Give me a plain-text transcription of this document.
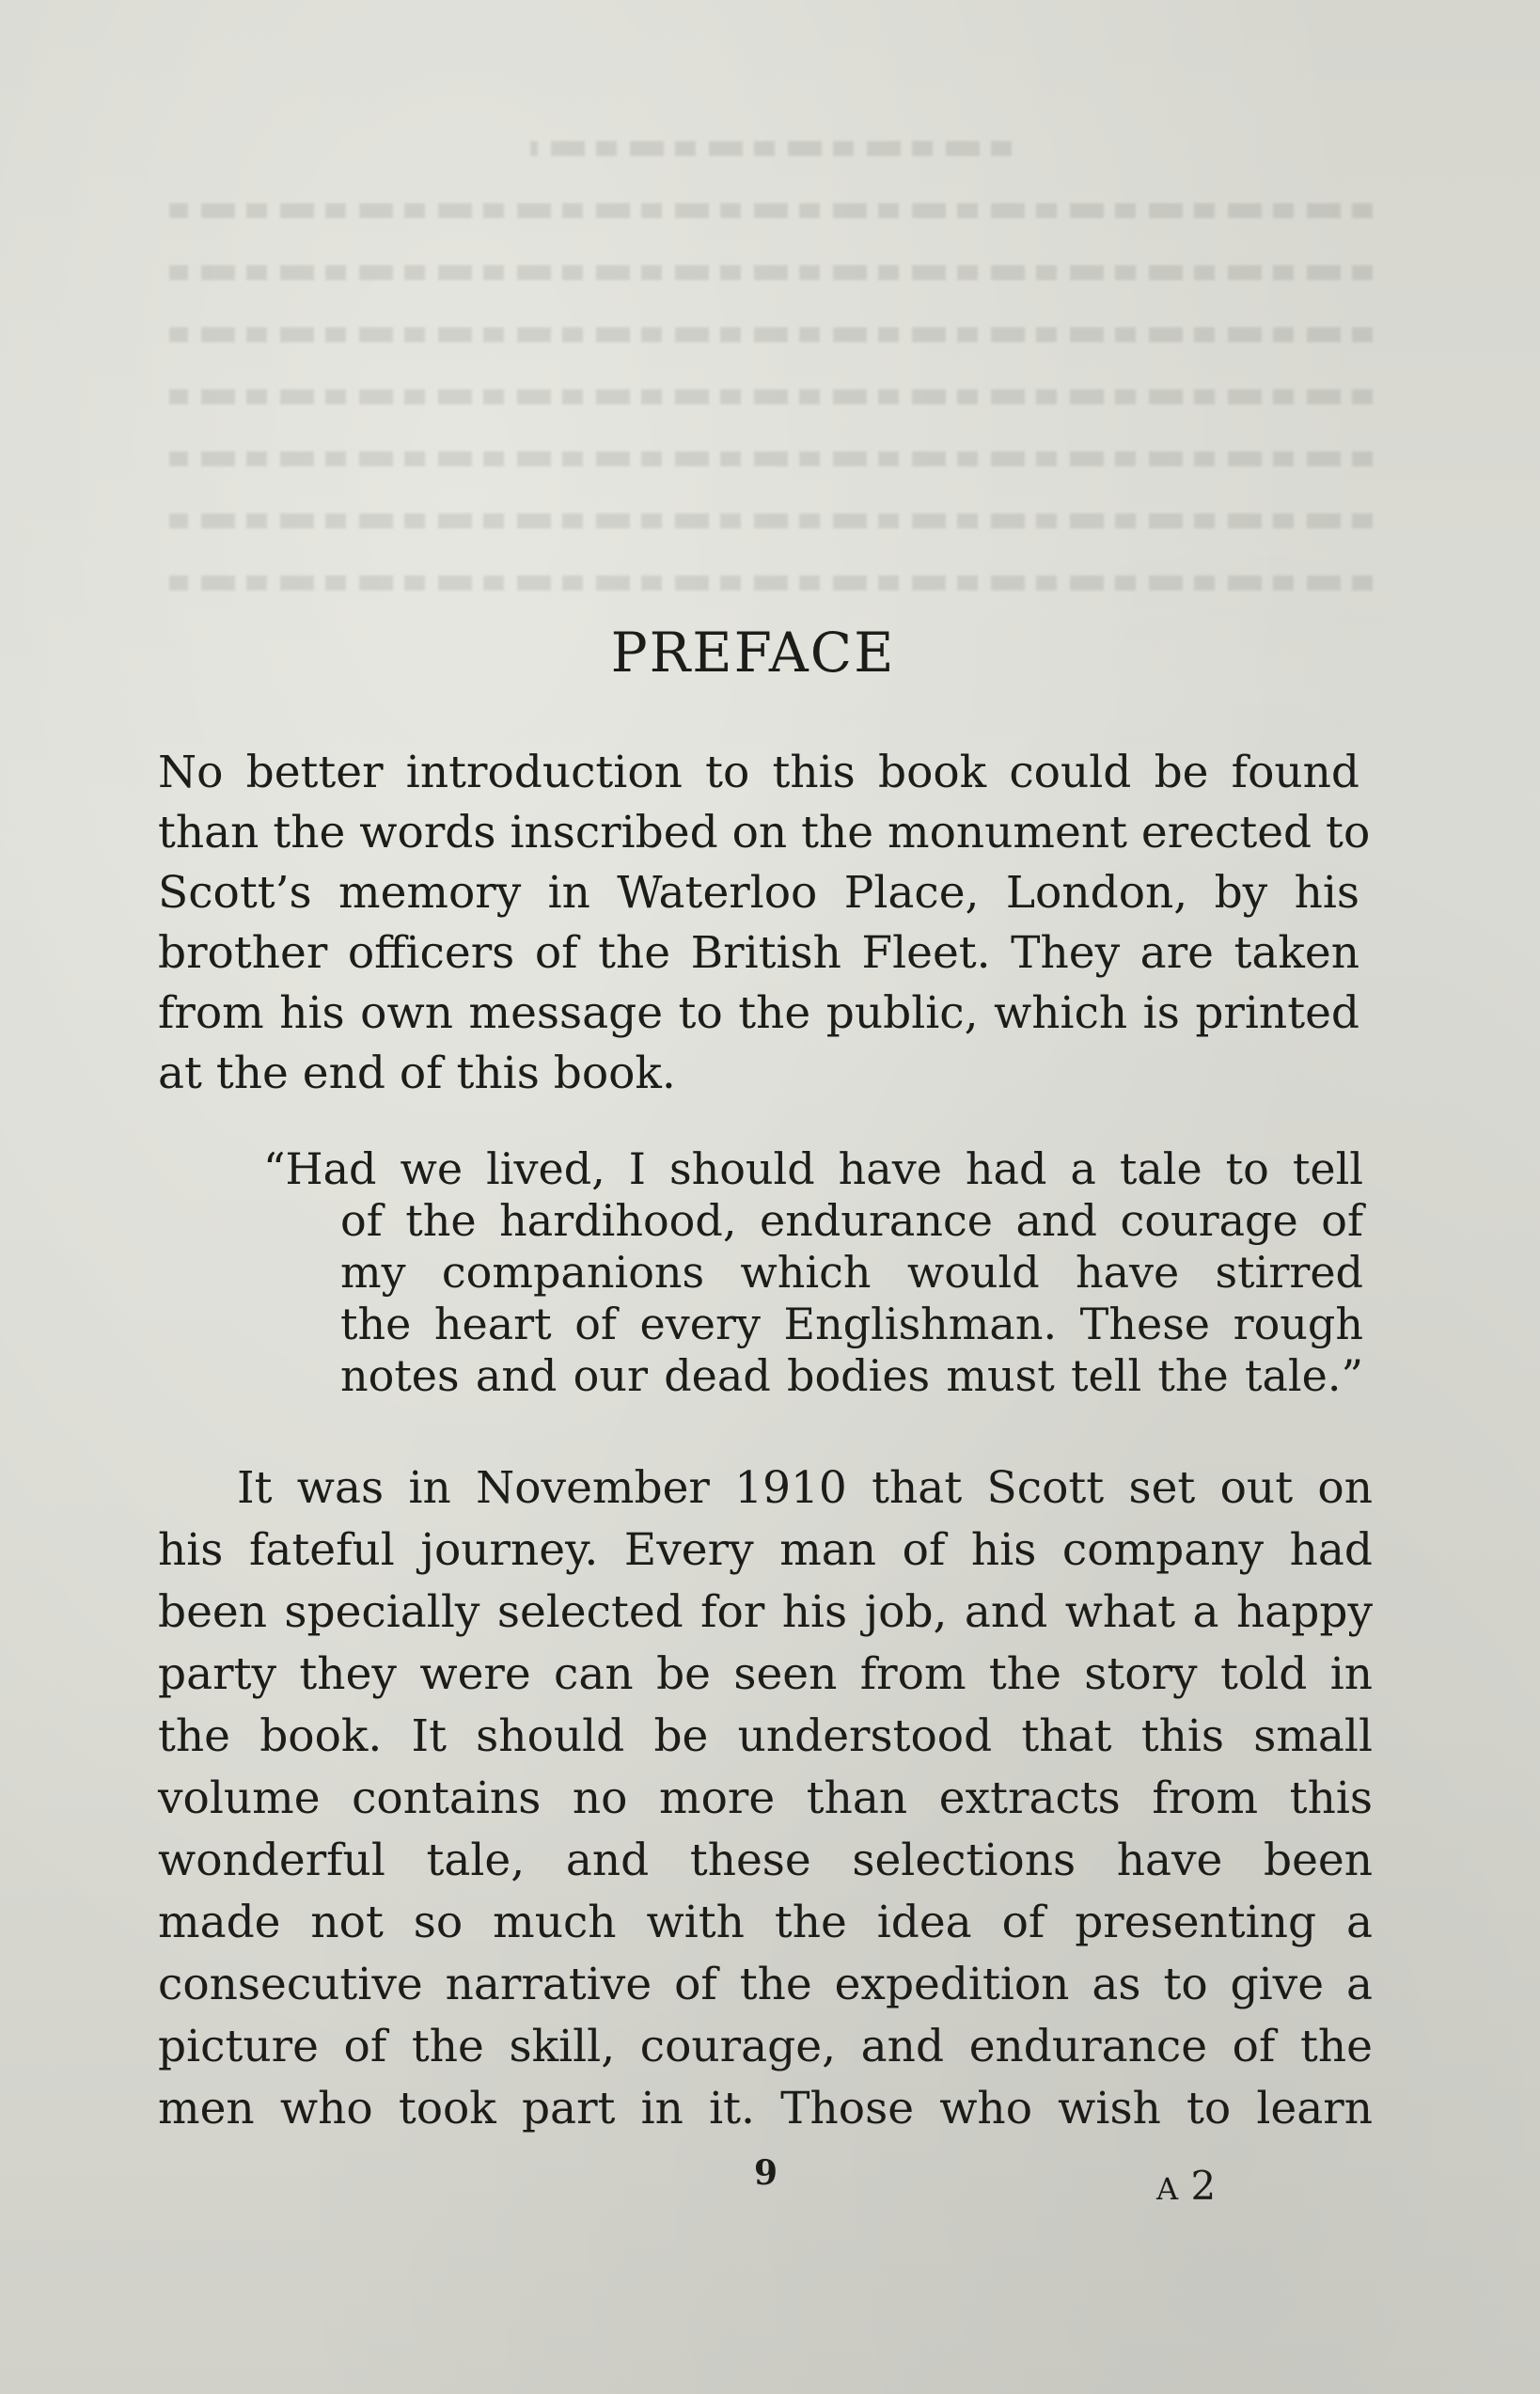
PREFACE
No better introduction to this book could be found
than the words inscribed on the monument erected to
Scott’s memory in Waterloo Place, London, by his
brother officers of the British Fleet. They are taken
from his own message to the public, which is printed
at the end of this book.
“Had we lived, I should have had a tale to tell
of the hardihood, endurance and courage of
my companions which would have stirred
the heart of every Englishman. These rough
notes and our dead bodies must tell the tale.”
It was in November 1910 that Scott set out on
his fateful journey. Every man of his company had
been specially selected for his job, and what a happy
party they were can be seen from the story told in
the book. It should be understood that this small
volume contains no more than extracts from this
wonderful tale, and these selections have been
made not so much with the idea of presenting a
consecutive narrative of the expedition as to give a
picture of the skill, courage, and endurance of the
men who took part in it. Those who wish to learn
9	A 2
